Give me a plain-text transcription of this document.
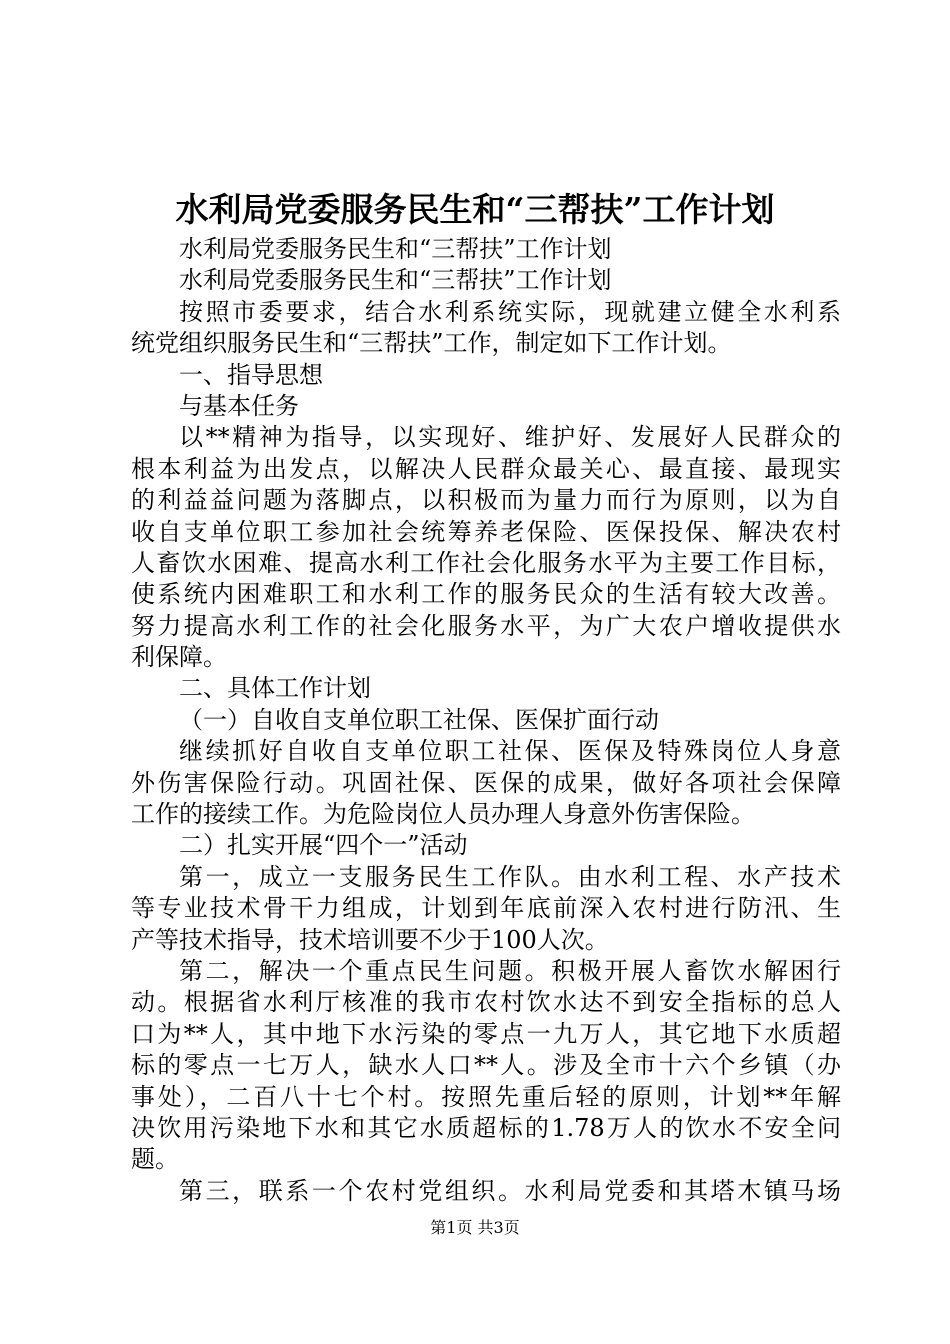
水利局党委服务民生和“三帮扶”工作计划
水利局党委服务民生和“三帮扶”工作计划
水利局党委服务民生和“三帮扶”工作计划
按照市委要求，结合水利系统实际，现就建立健全水利系
统党组织服务民生和“三帮扶”工作，制定如下工作计划。
一、指导思想
与基本任务
以**精神为指导，以实现好、维护好、发展好人民群众的
根本利益为出发点，以解决人民群众最关心、最直接、最现实
的利益益问题为落脚点，以积极而为量力而行为原则，以为自
收自支单位职工参加社会统筹养老保险、医保投保、解决农村
人畜饮水困难、提高水利工作社会化服务水平为主要工作目标，
使系统内困难职工和水利工作的服务民众的生活有较大改善。
努力提高水利工作的社会化服务水平，为广大农户增收提供水
利保障。
二、具体工作计划
（一）自收自支单位职工社保、医保扩面行动
继续抓好自收自支单位职工社保、医保及特殊岗位人身意
外伤害保险行动。巩固社保、医保的成果，做好各项社会保障
工作的接续工作。为危险岗位人员办理人身意外伤害保险。
二）扎实开展“四个一”活动
第一，成立一支服务民生工作队。由水利工程、水产技术
等专业技术骨干力组成，计划到年底前深入农村进行防汛、生
产等技术指导，技术培训要不少于100人次。
第二，解决一个重点民生问题。积极开展人畜饮水解困行
动。根据省水利厅核准的我市农村饮水达不到安全指标的总人
口为**人，其中地下水污染的零点一九万人，其它地下水质超
标的零点一七万人，缺水人口**人。涉及全市十六个乡镇（办
事处），二百八十七个村。按照先重后轻的原则，计划**年解
决饮用污染地下水和其它水质超标的1.78万人的饮水不安全问
题。
第三，联系一个农村党组织。水利局党委和其塔木镇马场
第1页 共3页
